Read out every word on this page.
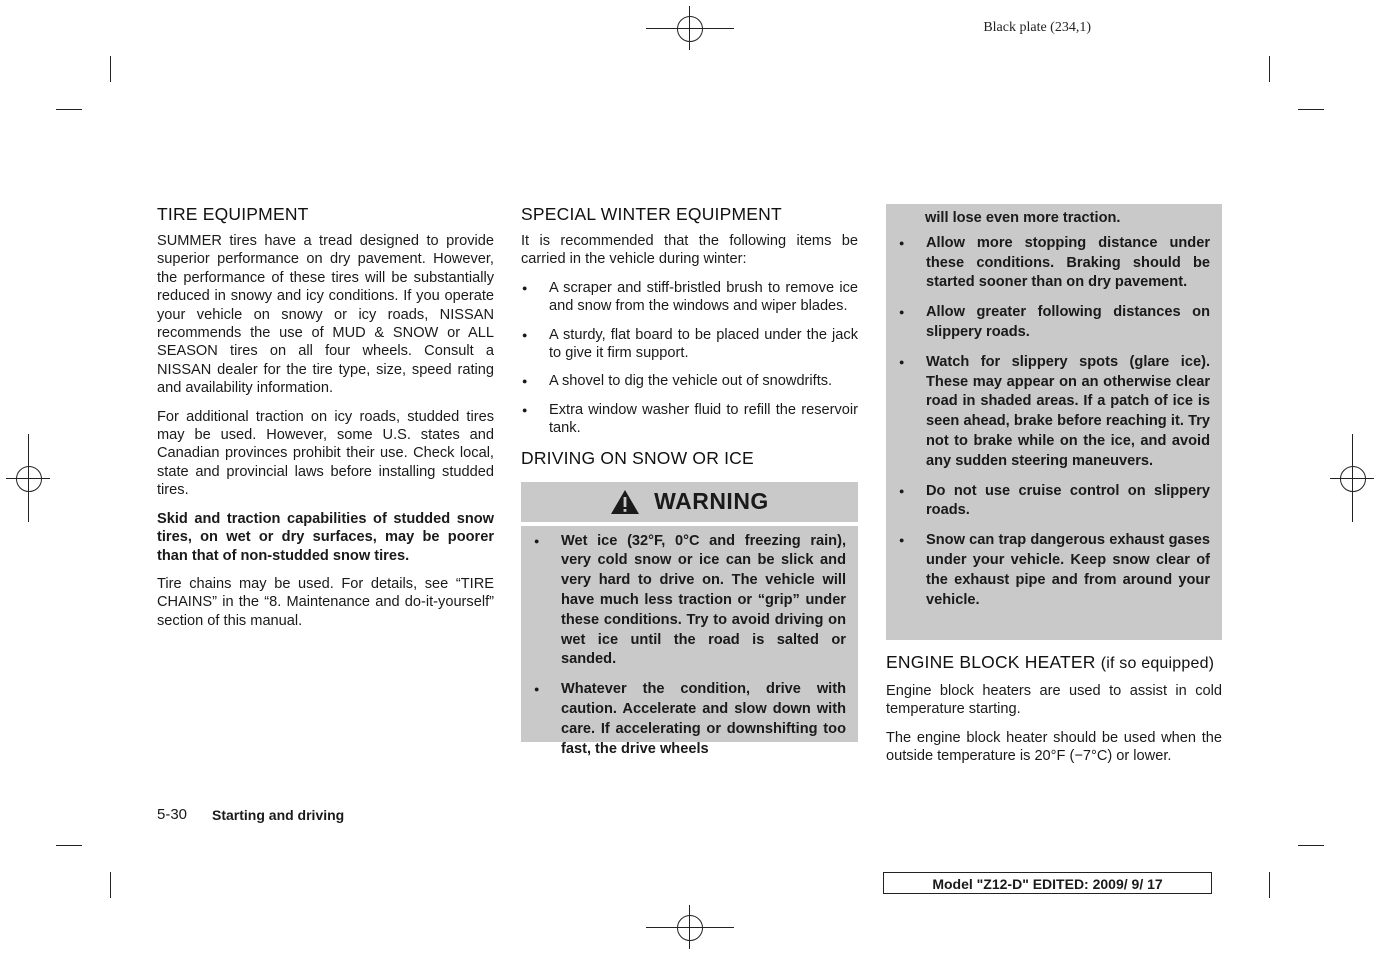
Black plate (234,1)
TIRE EQUIPMENT

SUMMER tires have a tread designed to provide superior performance on dry pavement. However, the performance of these tires will be substantially reduced in snowy and icy conditions. If you operate your vehicle on snowy or icy roads, NISSAN recommends the use of MUD & SNOW or ALL SEASON tires on all four wheels. Consult a NISSAN dealer for the tire type, size, speed rating and availability information.

For additional traction on icy roads, studded tires may be used. However, some U.S. states and Canadian provinces prohibit their use. Check local, state and provincial laws before installing studded tires.

Skid and traction capabilities of studded snow tires, on wet or dry surfaces, may be poorer than that of non-studded snow tires.

Tire chains may be used. For details, see “TIRE CHAINS” in the “8. Maintenance and do-it-yourself” section of this manual.

SPECIAL WINTER EQUIPMENT

It is recommended that the following items be carried in the vehicle during winter:

● A scraper and stiff-bristled brush to remove ice and snow from the windows and wiper blades.
● A sturdy, flat board to be placed under the jack to give it firm support.
● A shovel to dig the vehicle out of snowdrifts.
● Extra window washer fluid to refill the reservoir tank.
DRIVING ON SNOW OR ICE
WARNING
● Wet ice (32°F, 0°C and freezing rain), very cold snow or ice can be slick and very hard to drive on. The vehicle will have much less traction or “grip” under these conditions. Try to avoid driving on wet ice until the road is salted or sanded.
● Whatever the condition, drive with caution. Accelerate and slow down with care. If accelerating or downshifting too fast, the drive wheels
will lose even more traction.
● Allow more stopping distance under these conditions. Braking should be started sooner than on dry pavement.
● Allow greater following distances on slippery roads.
● Watch for slippery spots (glare ice). These may appear on an otherwise clear road in shaded areas. If a patch of ice is seen ahead, brake before reaching it. Try not to brake while on the ice, and avoid any sudden steering maneuvers.
● Do not use cruise control on slippery roads.
● Snow can trap dangerous exhaust gases under your vehicle. Keep snow clear of the exhaust pipe and from around your vehicle.
ENGINE BLOCK HEATER (if so equipped)

Engine block heaters are used to assist in cold temperature starting.

The engine block heater should be used when the outside temperature is 20°F (−7°C) or lower.

5-30 Starting and driving
Model "Z12-D" EDITED: 2009/ 9/ 17
